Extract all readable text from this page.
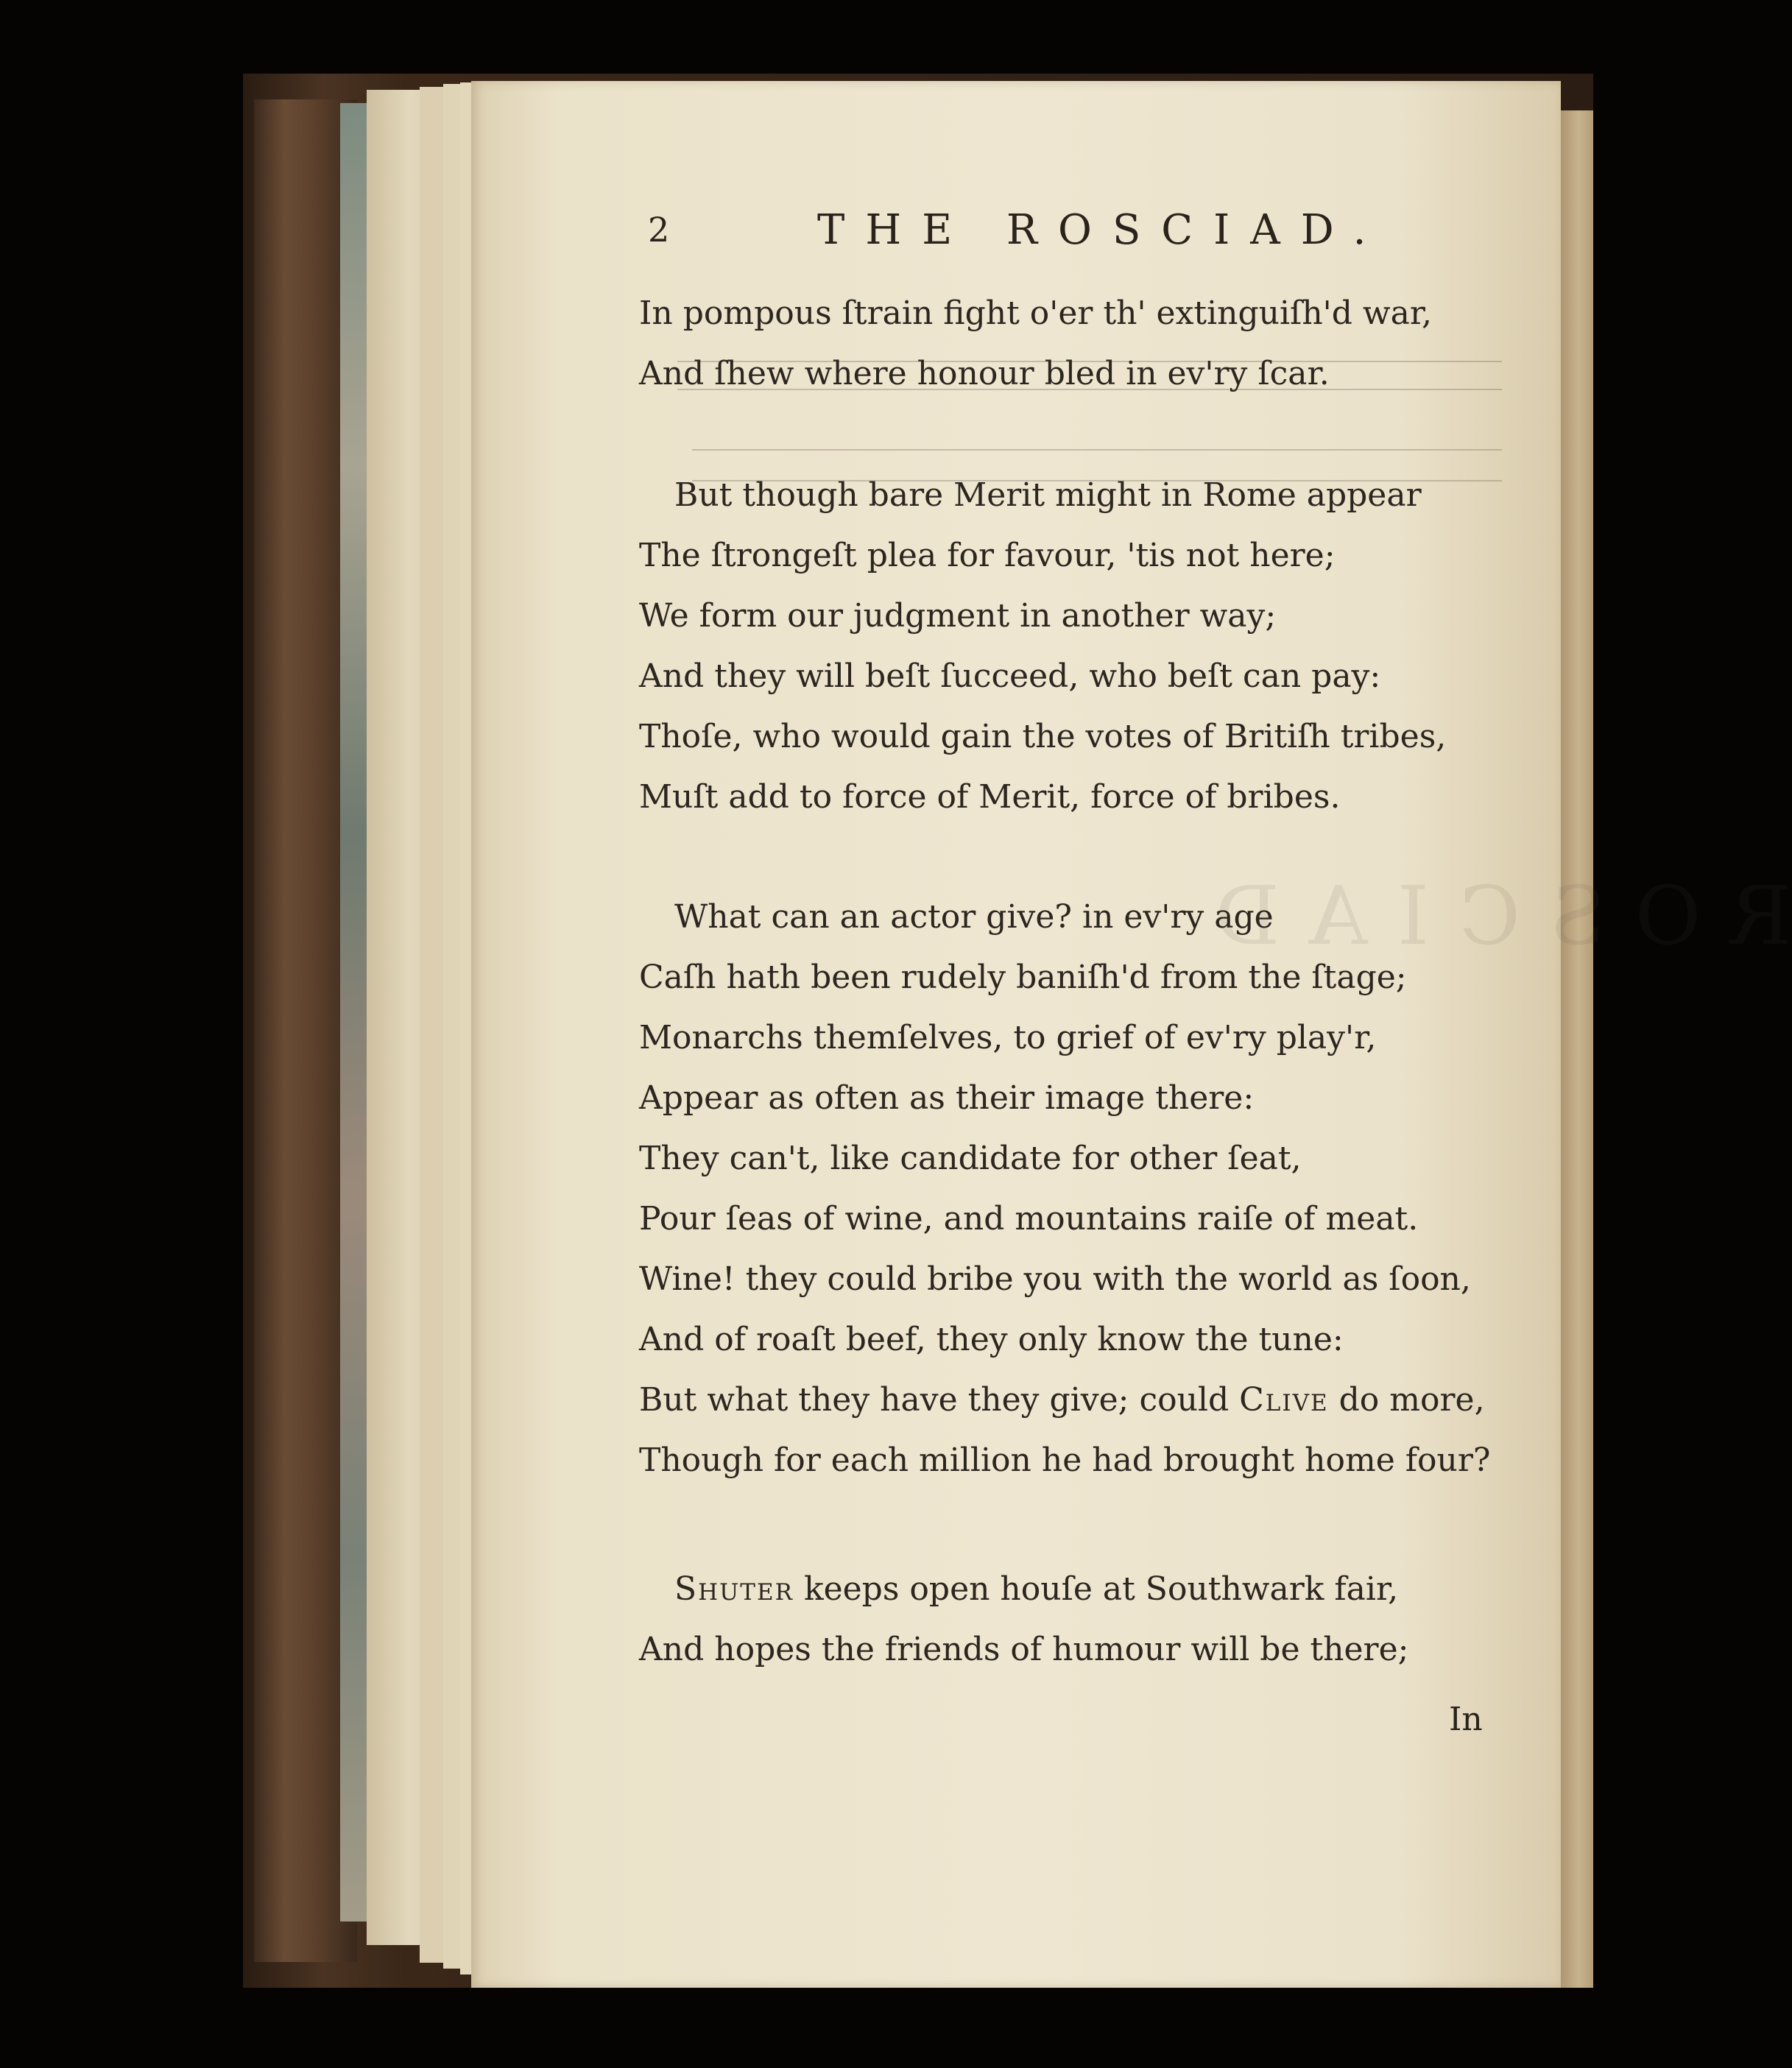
ROSCIAD
2	THE ROSCIAD.
In pompous ſtrain fight o'er th' extinguiſh'd war,
And ſhew where honour bled in ev'ry ſcar.
But though bare Merit might in Rome appear
The ſtrongeſt plea for favour, 'tis not here;
We form our judgment in another way;
And they will beſt ſucceed, who beſt can pay:
Thoſe, who would gain the votes of Britiſh tribes,
Muſt add to force of Merit, force of bribes.
What can an actor give? in ev'ry age
Caſh hath been rudely baniſh'd from the ſtage;
Monarchs themſelves, to grief of ev'ry play'r,
Appear as often as their image there:
They can't, like candidate for other ſeat,
Pour ſeas of wine, and mountains raiſe of meat.
Wine! they could bribe you with the world as ſoon,
And of roaſt beef, they only know the tune:
But what they have they give; could Clive do more,
Though for each million he had brought home four?
Shuter keeps open houſe at Southwark fair,
And hopes the friends of humour will be there;
In
